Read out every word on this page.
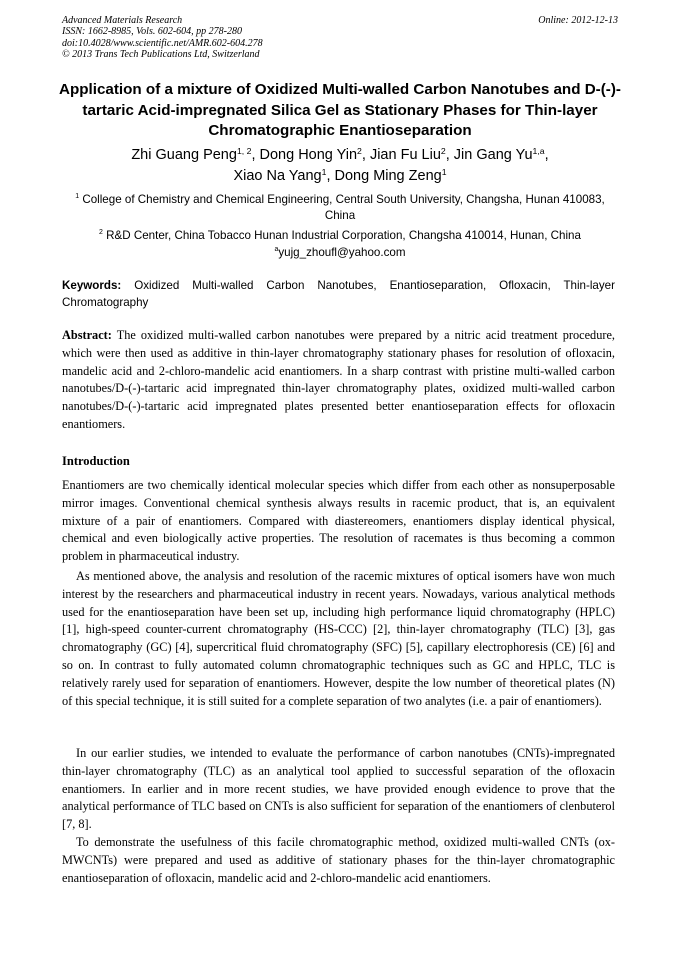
Advanced Materials Research
ISSN: 1662-8985, Vols. 602-604, pp 278-280
doi:10.4028/www.scientific.net/AMR.602-604.278
© 2013 Trans Tech Publications Ltd, Switzerland
Online: 2012-12-13
Application of a mixture of Oxidized Multi-walled Carbon Nanotubes and D-(-)-tartaric Acid-impregnated Silica Gel as Stationary Phases for Thin-layer Chromatographic Enantioseparation
Zhi Guang Peng$^{1, 2}$, Dong Hong Yin$^2$, Jian Fu Liu$^2$, Jin Gang Yu$^{1,a}$,
Xiao Na Yang$^1$, Dong Ming Zeng$^1$
$^1$ College of Chemistry and Chemical Engineering, Central South University, Changsha, Hunan 410083, China
$^2$ R&D Center, China Tobacco Hunan Industrial Corporation, Changsha 410014, Hunan, China
$^a$yujg_zhoufl@yahoo.com
Keywords: Oxidized Multi-walled Carbon Nanotubes, Enantioseparation, Ofloxacin, Thin-layer Chromatography
Abstract: The oxidized multi-walled carbon nanotubes were prepared by a nitric acid treatment procedure, which were then used as additive in thin-layer chromatography stationary phases for resolution of ofloxacin, mandelic acid and 2-chloro-mandelic acid enantiomers. In a sharp contrast with pristine multi-walled carbon nanotubes/D-(-)-tartaric acid impregnated thin-layer chromatography plates, oxidized multi-walled carbon nanotubes/D-(-)-tartaric acid impregnated plates presented better enantioseparation effects for ofloxacin enantiomers.
Introduction
Enantiomers are two chemically identical molecular species which differ from each other as nonsuperposable mirror images. Conventional chemical synthesis always results in racemic product, that is, an equivalent mixture of a pair of enantiomers. Compared with diastereomers, enantiomers display identical physical, chemical and even biologically active properties. The resolution of racemates is thus becoming a common problem in pharmaceutical industry.
As mentioned above, the analysis and resolution of the racemic mixtures of optical isomers have won much interest by the researchers and pharmaceutical industry in recent years. Nowadays, various analytical methods used for the enantioseparation have been set up, including high performance liquid chromatography (HPLC) [1], high-speed counter-current chromatography (HS-CCC) [2], thin-layer chromatography (TLC) [3], gas chromatography (GC) [4], supercritical fluid chromatography (SFC) [5], capillary electrophoresis (CE) [6] and so on. In contrast to fully automated column chromatographic techniques such as GC and HPLC, TLC is relatively rarely used for separation of enantiomers. However, despite the low number of theoretical plates (N) of this special technique, it is still suited for a complete separation of two analytes (i.e. a pair of enantiomers).
In our earlier studies, we intended to evaluate the performance of carbon nanotubes (CNTs)-impregnated thin-layer chromatography (TLC) as an analytical tool applied to successful separation of the ofloxacin enantiomers. In earlier and in more recent studies, we have provided enough evidence to prove that the analytical performance of TLC based on CNTs is also sufficient for separation of the enantiomers of clenbuterol [7, 8].
To demonstrate the usefulness of this facile chromatographic method, oxidized multi-walled CNTs (ox-MWCNTs) were prepared and used as additive of stationary phases for the thin-layer chromatographic enantioseparation of ofloxacin, mandelic acid and 2-chloro-mandelic acid enantiomers.
